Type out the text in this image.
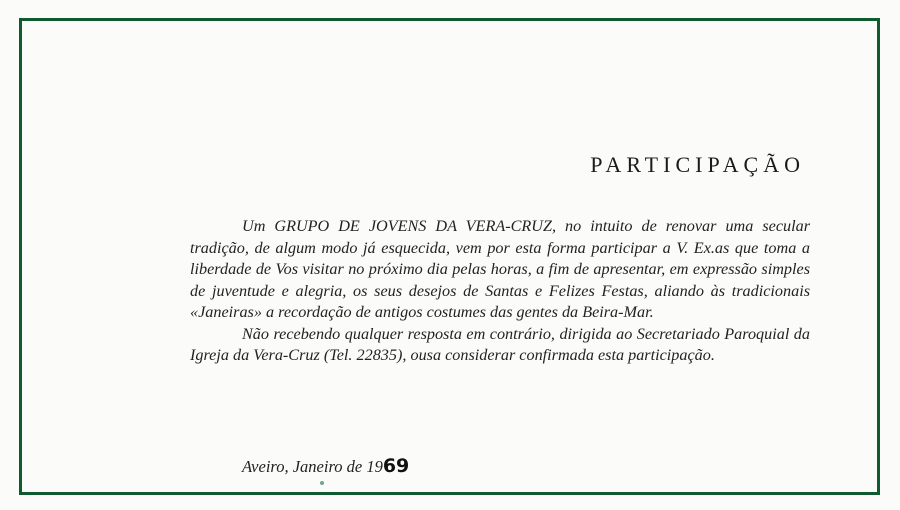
PARTICIPAÇÃO

Um GRUPO DE JOVENS DA VERA-CRUZ, no intuito de renovar uma secular tradição, de algum modo já esquecida, vem por esta forma participar a V. Ex.as que toma a liberdade de Vos visitar no próximo dia pelas horas, a fim de apresentar, em expressão simples de juventude e alegria, os seus desejos de Santas e Felizes Festas, aliando às tradicionais «Janeiras» a recordação de antigos costumes das gentes da Beira-Mar.

Não recebendo qualquer resposta em contrário, dirigida ao Secretariado Paroquial da Igreja da Vera-Cruz (Tel. 22835), ousa considerar confirmada esta participação.

Aveiro, Janeiro de 1969
